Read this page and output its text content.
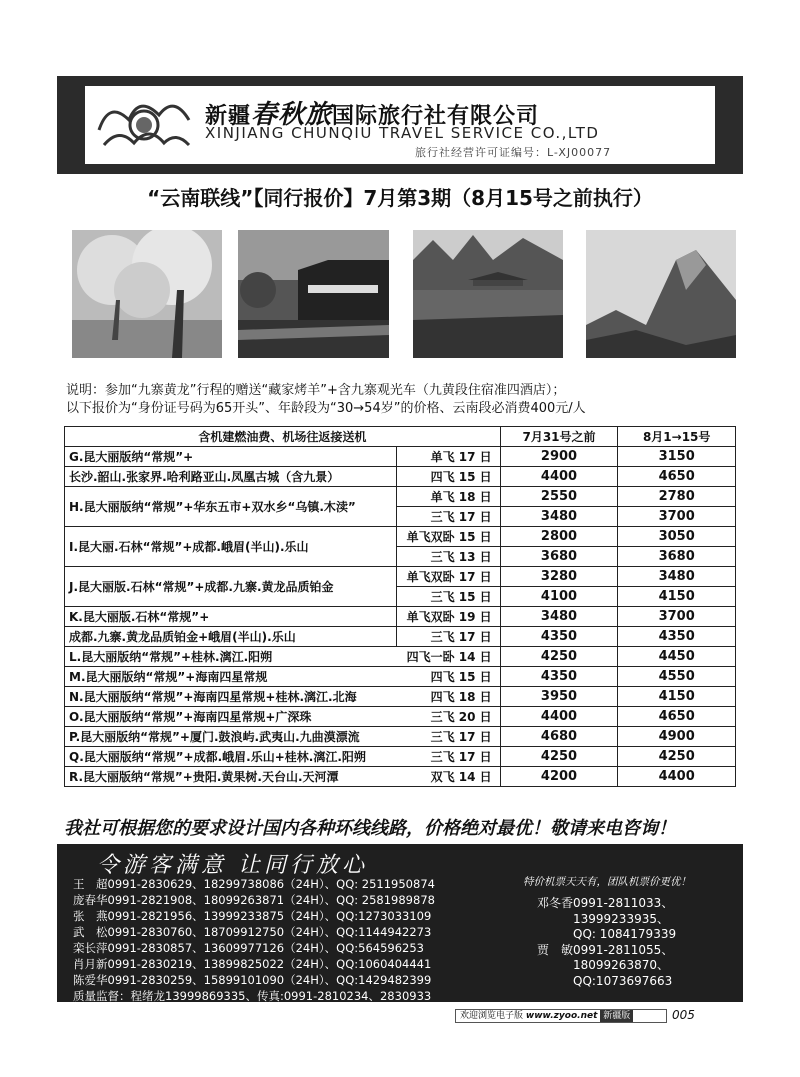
新疆春秋旅国际旅行社有限公司
XINJIANG CHUNQIU TRAVEL SERVICE CO.,LTD
旅行社经营许可证编号：L-XJ00077
“云南联线”【同行报价】7月第3期（8月15号之前执行）
说明：参加“九寨黄龙”行程的赠送“藏家烤羊”+含九寨观光车（九黄段住宿准四酒店）；
以下报价为“身份证号码为65开头”、年龄段为“30→54岁”的价格、云南段必消费400元/人
含机建燃油费、机场往返接送机		7月31号之前	8月1→15号
G.昆大丽版纳“常规”+	单飞 17 日	2900	3150
长沙.韶山.张家界.哈利路亚山.凤凰古城（含九景）	四飞 15 日	4400	4650
H.昆大丽版纳“常规”+华东五市+双水乡“乌镇.木渎”	单飞 18 日	2550	2780
	三飞 17 日	3480	3700
I.昆大丽.石林“常规”+成都.峨眉(半山).乐山	单飞双卧 15 日	2800	3050
	三飞 13 日	3680	3680
J.昆大丽版.石林“常规”+成都.九寨.黄龙品质铂金	单飞双卧 17 日	3280	3480
	三飞 15 日	4100	4150
K.昆大丽版.石林“常规”+	单飞双卧 19 日	3480	3700
成都.九寨.黄龙品质铂金+峨眉(半山).乐山	三飞 17 日	4350	4350
L.昆大丽版纳“常规”+桂林.漓江.阳朔	四飞一卧 14 日	4250	4450
M.昆大丽版纳“常规”+海南四星常规	四飞 15 日	4350	4550
N.昆大丽版纳“常规”+海南四星常规+桂林.漓江.北海	四飞 18 日	3950	4150
O.昆大丽版纳“常规”+海南四星常规+广深珠	三飞 20 日	4400	4650
P.昆大丽版纳“常规”+厦门.鼓浪屿.武夷山.九曲漠漂流	三飞 17 日	4680	4900
Q.昆大丽版纳“常规”+成都.峨眉.乐山+桂林.漓江.阳朔	三飞 17 日	4250	4250
R.昆大丽版纳“常规”+贵阳.黄果树.天台山.天河潭	双飞 14 日	4200	4400
我社可根据您的要求设计国内各种环线线路，价格绝对最优！敬请来电咨询！
令游客满意 让同行放心
王　超0991-2830629、18299738086（24H）、QQ: 2511950874
庞春华0991-2821908、18099263871（24H）、QQ: 2581989878
张　燕0991-2821956、13999233875（24H）、QQ:1273033109
武　松0991-2830760、18709912750（24H）、QQ:1144942273
栾长萍0991-2830857、13609977126（24H）、QQ:564596253
肖月新0991-2830219、13899825022（24H）、QQ:1060404441
陈爱华0991-2830259、15899101090（24H）、QQ:1429482399
质量监督：程绪龙13999869335、传真:0991-2810234、2830933
特价机票天天有，团队机票价更优！
邓冬香0991-2811033、
13999233935、
QQ: 1084179339
贾　敏0991-2811055、
18099263870、
QQ:1073697663
欢迎浏览电子版 www.zyoo.net 新疆版	005
